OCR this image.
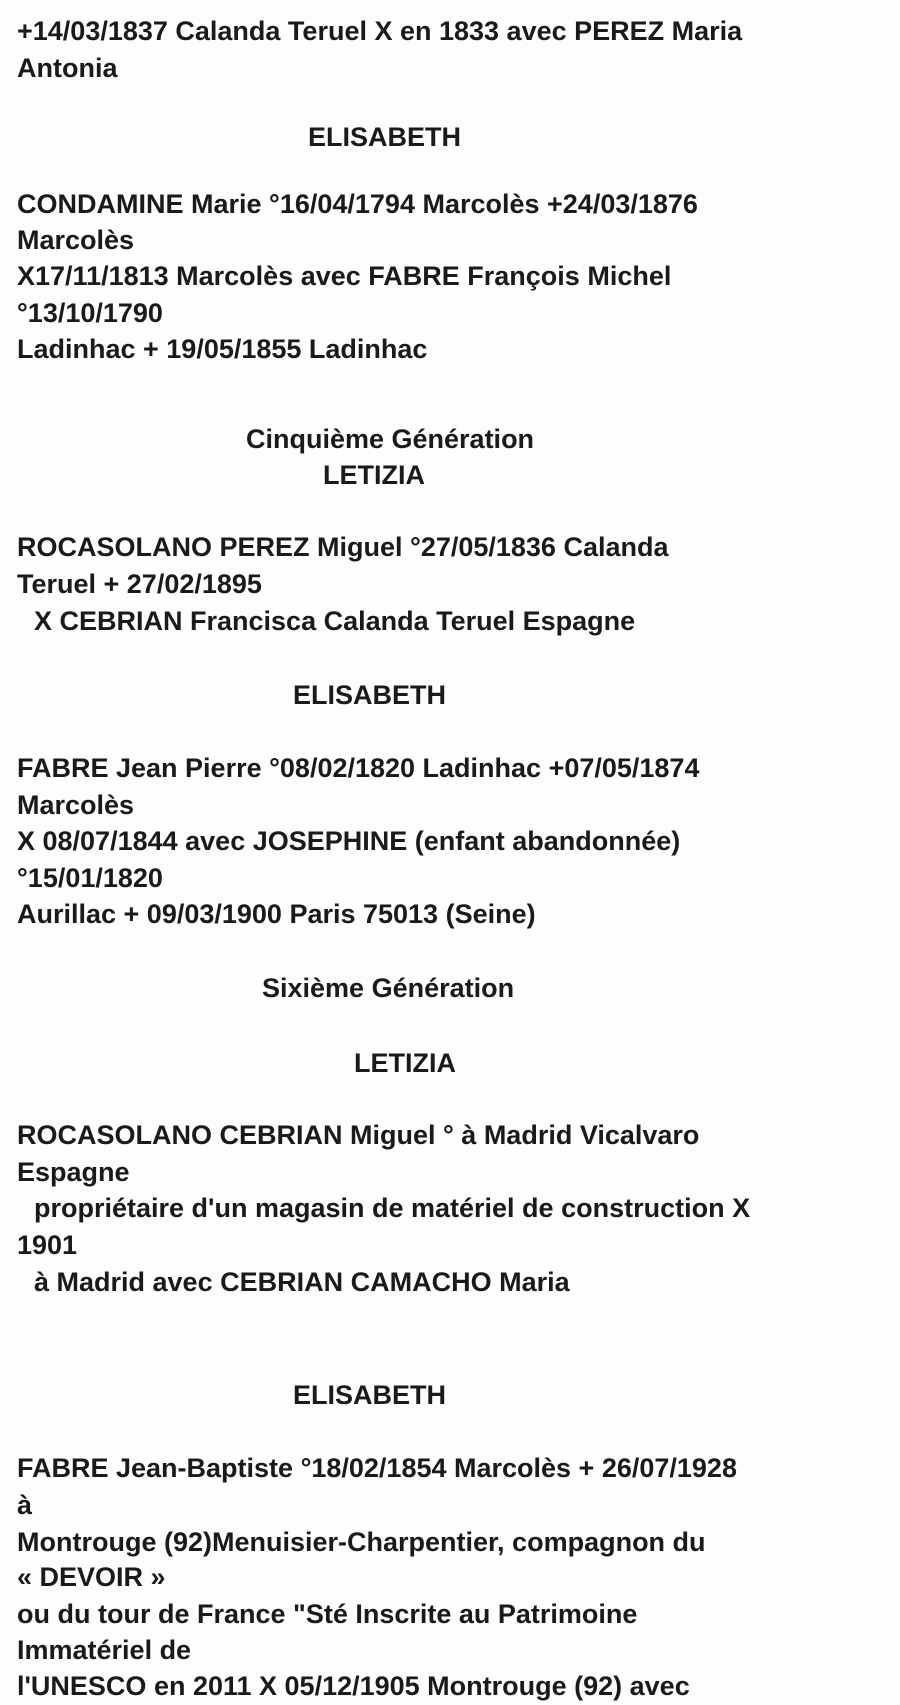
+14/03/1837 Calanda Teruel X en 1833 avec PEREZ Maria
Antonia
ELISABETH
CONDAMINE Marie °16/04/1794 Marcolès +24/03/1876
Marcolès
X17/11/1813 Marcolès avec FABRE François Michel
°13/10/1790
Ladinhac + 19/05/1855 Ladinhac
Cinquième Génération
LETIZIA
ROCASOLANO PEREZ Miguel °27/05/1836 Calanda
Teruel + 27/02/1895
X CEBRIAN Francisca Calanda Teruel Espagne
ELISABETH
FABRE Jean Pierre °08/02/1820 Ladinhac +07/05/1874
Marcolès
X 08/07/1844 avec JOSEPHINE (enfant abandonnée)
°15/01/1820
Aurillac + 09/03/1900 Paris 75013 (Seine)
Sixième Génération
LETIZIA
ROCASOLANO CEBRIAN Miguel ° à Madrid Vicalvaro
Espagne
propriétaire d'un magasin de matériel de construction X
1901
à Madrid avec CEBRIAN CAMACHO Maria
ELISABETH
FABRE Jean-Baptiste °18/02/1854 Marcolès + 26/07/1928
à
Montrouge (92)Menuisier-Charpentier, compagnon du
« DEVOIR »
ou du tour de France "Sté Inscrite au Patrimoine
Immatériel de
l'UNESCO en 2011 X 05/12/1905 Montrouge (92) avec
